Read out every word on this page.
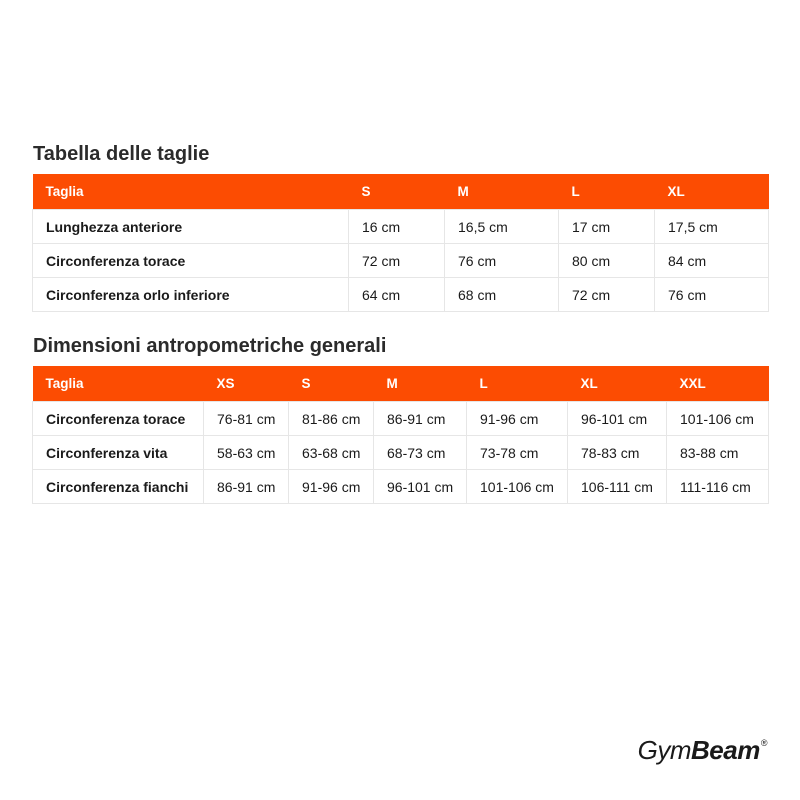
Tabella delle taglie
Taglia	S	M	L	XL
Lunghezza anteriore	16 cm	16,5 cm	17 cm	17,5 cm
Circonferenza torace	72 cm	76 cm	80 cm	84 cm
Circonferenza orlo inferiore	64 cm	68 cm	72 cm	76 cm
Dimensioni antropometriche generali
Taglia	XS	S	M	L	XL	XXL
Circonferenza torace	76-81 cm	81-86 cm	86-91 cm	91-96 cm	96-101 cm	101-106 cm
Circonferenza vita	58-63 cm	63-68 cm	68-73 cm	73-78 cm	78-83 cm	83-88 cm
Circonferenza fianchi	86-91 cm	91-96 cm	96-101 cm	101-106 cm	106-111 cm	111-116 cm
Gym Beam ®
